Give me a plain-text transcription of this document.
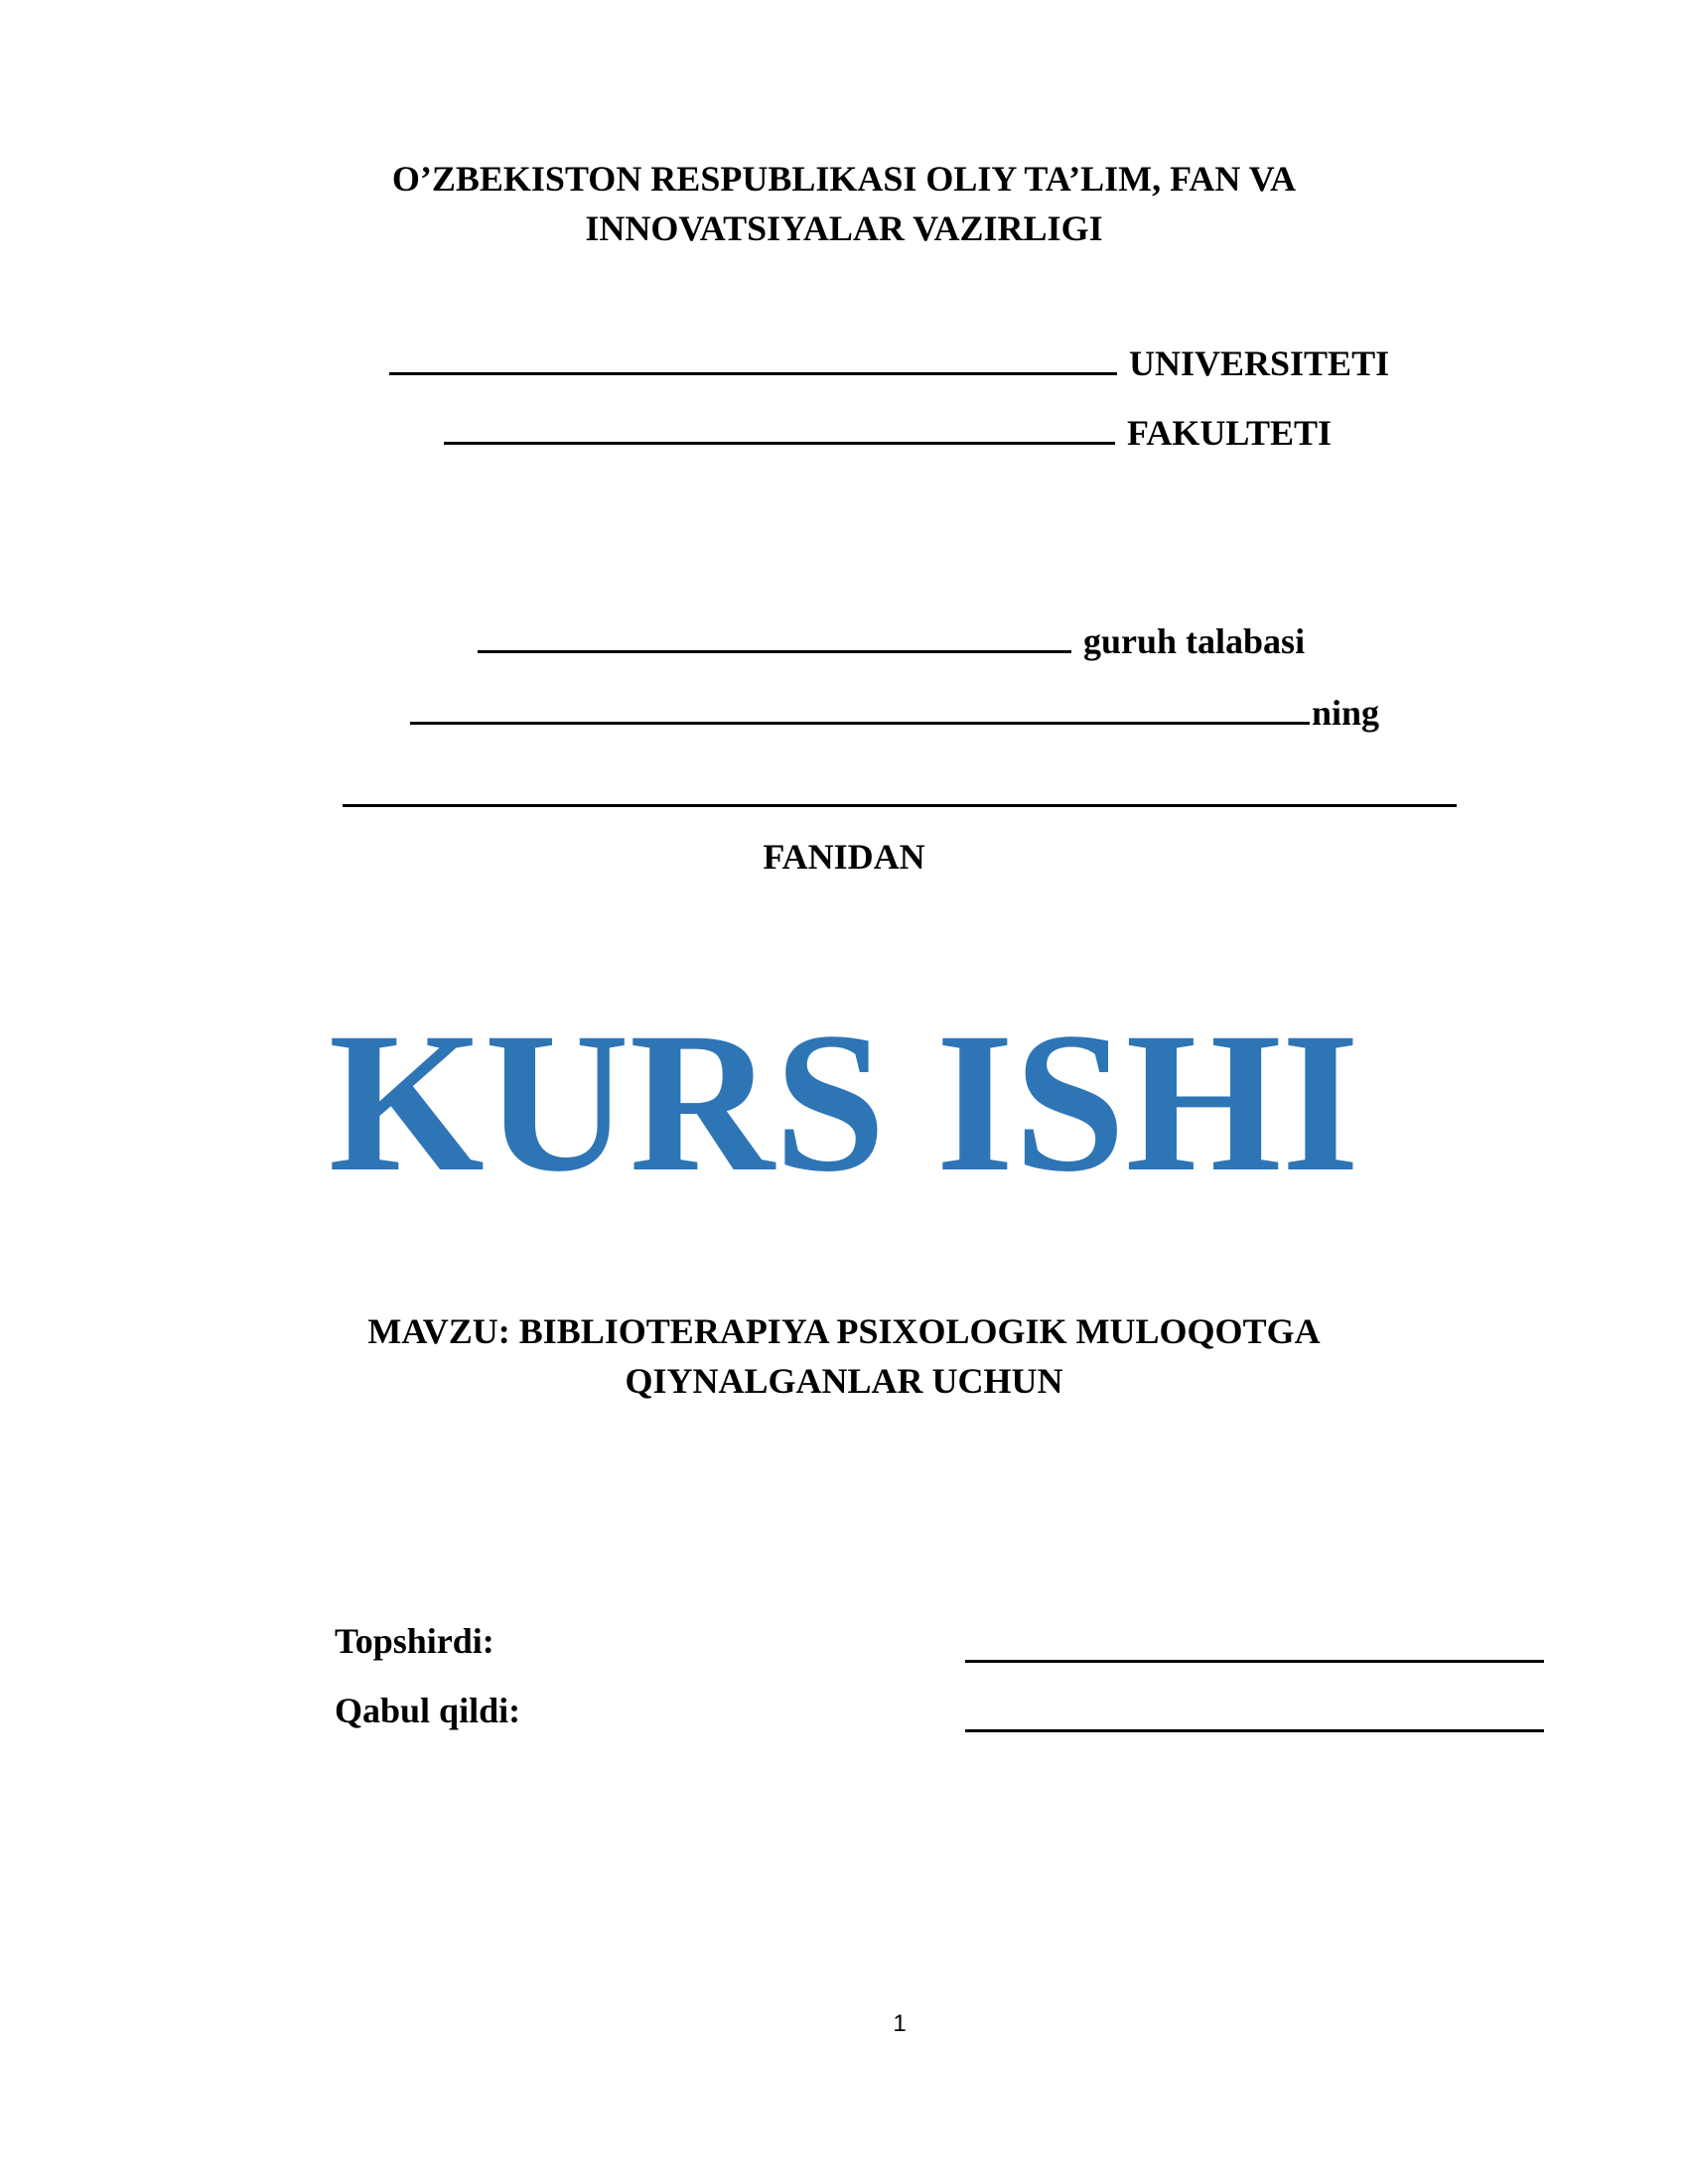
O’ZBEKISTON RESPUBLIKASI OLIY TA’LIM, FAN VA
INNOVATSIYALAR VAZIRLIGI
UNIVERSITETI
FAKULTETI
guruh talabasi
ning
FANIDAN
KURS ISHI
MAVZU: BIBLIOTERAPIYA PSIXOLOGIK MULOQOTGA
QIYNALGANLAR UCHUN
Topshirdi:
Qabul qildi:
1
